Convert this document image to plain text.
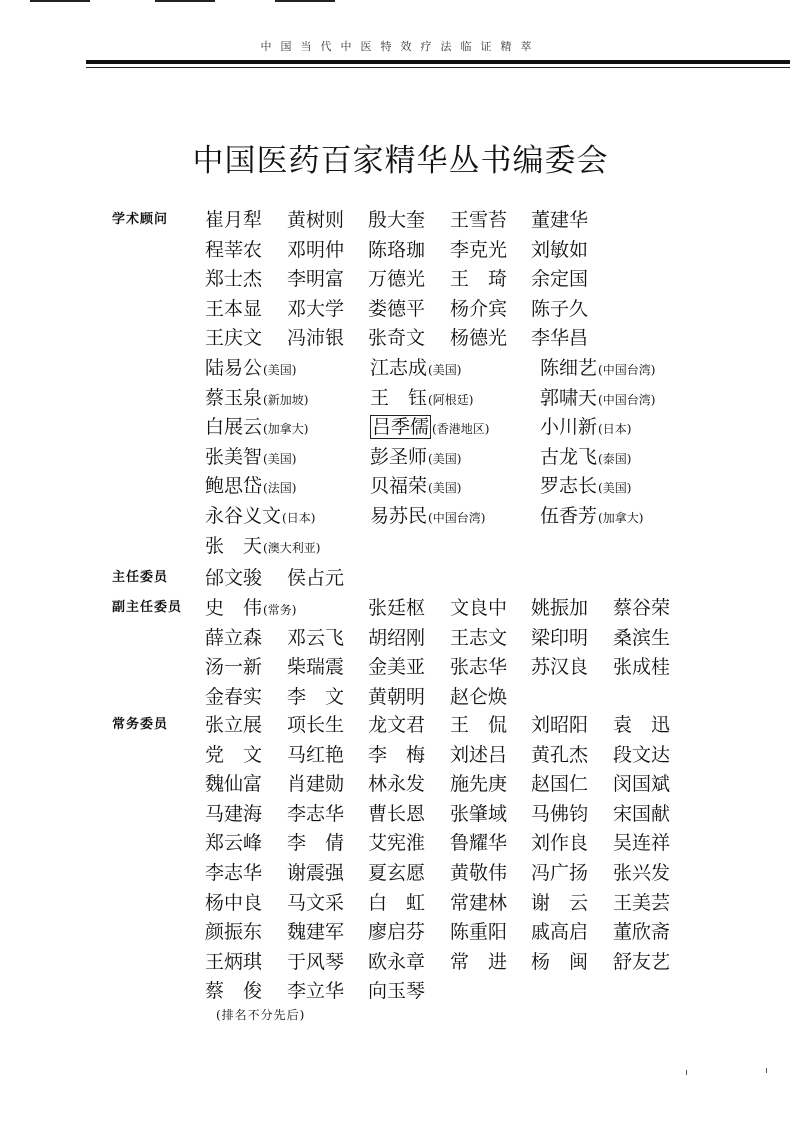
中国当代中医特效疗法临证精萃
中国医药百家精华丛书编委会
学术顾问	崔月犁 黄树则 殷大奎 王雪苔 董建华
程莘农 邓明仲 陈珞珈 李克光 刘敏如
郑士杰 李明富 万德光 王　琦 余定国
王本显 邓大学 娄德平 杨介宾 陈子久
王庆文 冯沛银 张奇文 杨德光 李华昌
陆易公(美国)	江志成(美国)	陈细艺(中国台湾)
蔡玉泉(新加坡)	王　钰(阿根廷)	郭啸天(中国台湾)
白展云(加拿大)	吕季儒 (香港地区)	小川新(日本)
张美智(美国)	彭圣师(美国)	古龙飞(泰国)
鲍思岱(法国)	贝福荣(美国)	罗志长(美国)
永谷义文(日本)	易苏民(中国台湾)	伍香芳(加拿大)
张　天(澳大利亚)
主任委员	邰文骏 侯占元
副主任委员	史　伟(常务)	张廷枢 文良中 姚振加 蔡谷荣
薛立森 邓云飞 胡绍刚 王志文 梁印明 桑滨生
汤一新 柴瑞震 金美亚 张志华 苏汉良 张成桂
金春实 李　文 黄朝明 赵仑焕
常务委员	张立展 项长生 龙文君 王　侃 刘昭阳 袁　迅
党　文 马红艳 李　梅 刘述吕 黄孔杰 段文达
魏仙富 肖建勋 林永发 施先庚 赵国仁 闵国斌
马建海 李志华 曹长恩 张肇域 马佛钧 宋国献
郑云峰 李　倩 艾宪淮 鲁耀华 刘作良 吴连祥
李志华 谢震强 夏玄愿 黄敬伟 冯广扬 张兴发
杨中良 马文采 白　虹 常建林 谢　云 王美芸
颜振东 魏建军 廖启芬 陈重阳 戚高启 董欣斋
王炳琪 于风琴 欧永章 常　进 杨　闽 舒友艺
蔡　俊 李立华 向玉琴
(排名不分先后)
